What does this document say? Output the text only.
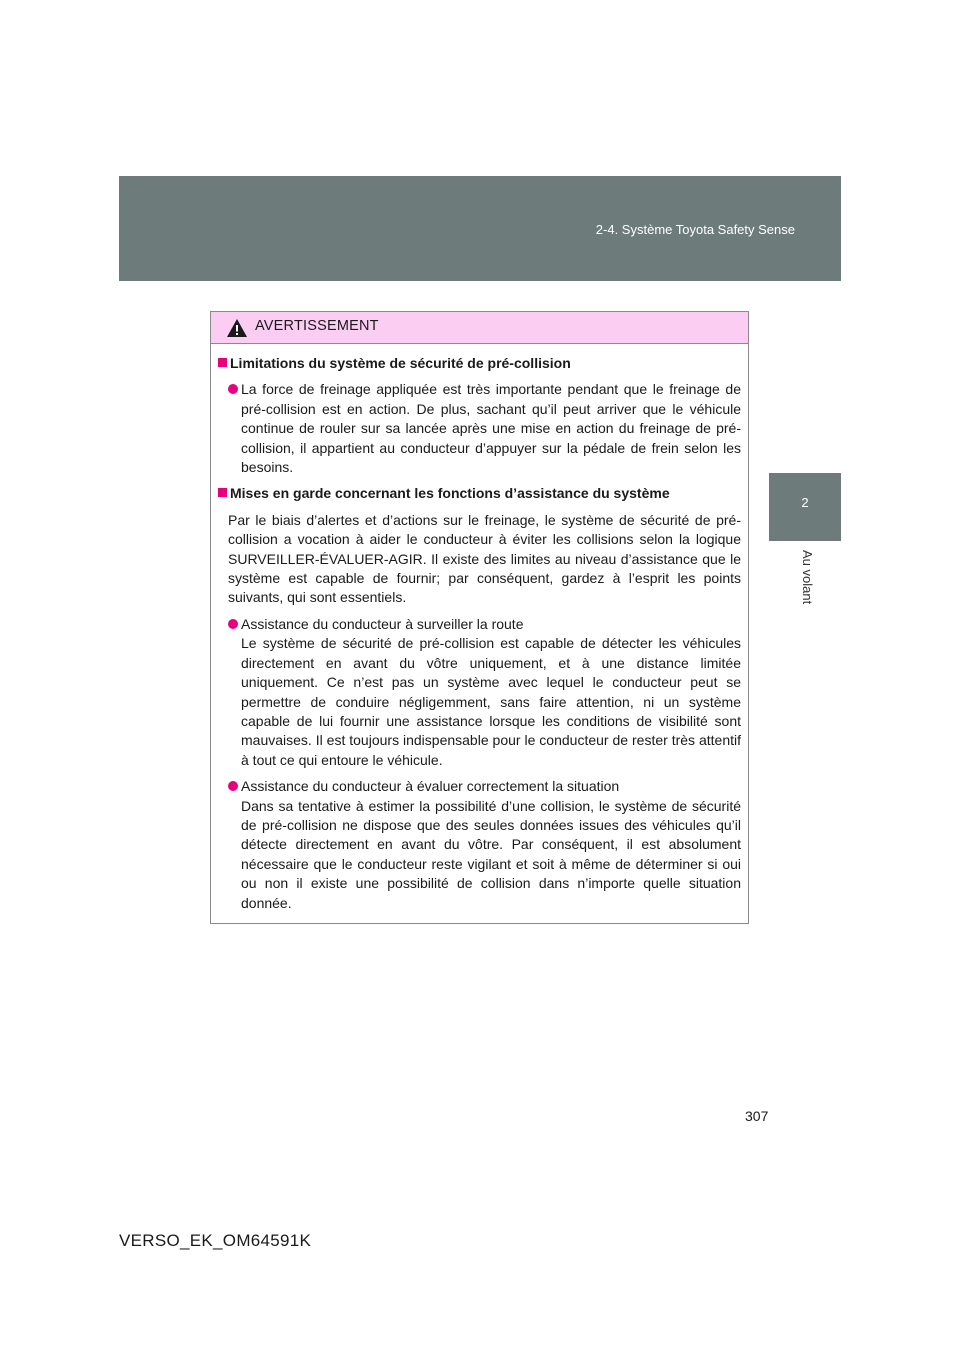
2-4. Système Toyota Safety Sense
2
Au volant
AVERTISSEMENT
Limitations du système de sécurité de pré-collision
La force de freinage appliquée est très importante pendant que le freinage de pré-collision est en action. De plus, sachant qu’il peut arriver que le véhicule continue de rouler sur sa lancée après une mise en action du freinage de pré-collision, il appartient au conducteur d’appuyer sur la pédale de frein selon les besoins.
Mises en garde concernant les fonctions d’assistance du système
Par le biais d’alertes et d’actions sur le freinage, le système de sécurité de pré-collision a vocation à aider le conducteur à éviter les collisions selon la logique SURVEILLER-ÉVALUER-AGIR. Il existe des limites au niveau d’assistance que le système est capable de fournir; par conséquent, gardez à l’esprit les points suivants, qui sont essentiels.
Assistance du conducteur à surveiller la route
Le système de sécurité de pré-collision est capable de détecter les véhicules directement en avant du vôtre uniquement, et à une distance limitée uniquement. Ce n’est pas un système avec lequel le conducteur peut se permettre de conduire négligemment, sans faire attention, ni un système capable de lui fournir une assistance lorsque les conditions de visibilité sont mauvaises. Il est toujours indispensable pour le conducteur de rester très attentif à tout ce qui entoure le véhicule.
Assistance du conducteur à évaluer correctement la situation
Dans sa tentative à estimer la possibilité d’une collision, le système de sécurité de pré-collision ne dispose que des seules données issues des véhicules qu’il détecte directement en avant du vôtre. Par conséquent, il est absolument nécessaire que le conducteur reste vigilant et soit à même de déterminer si oui ou non il existe une possibilité de collision dans n’importe quelle situation donnée.
307
VERSO_EK_OM64591K
